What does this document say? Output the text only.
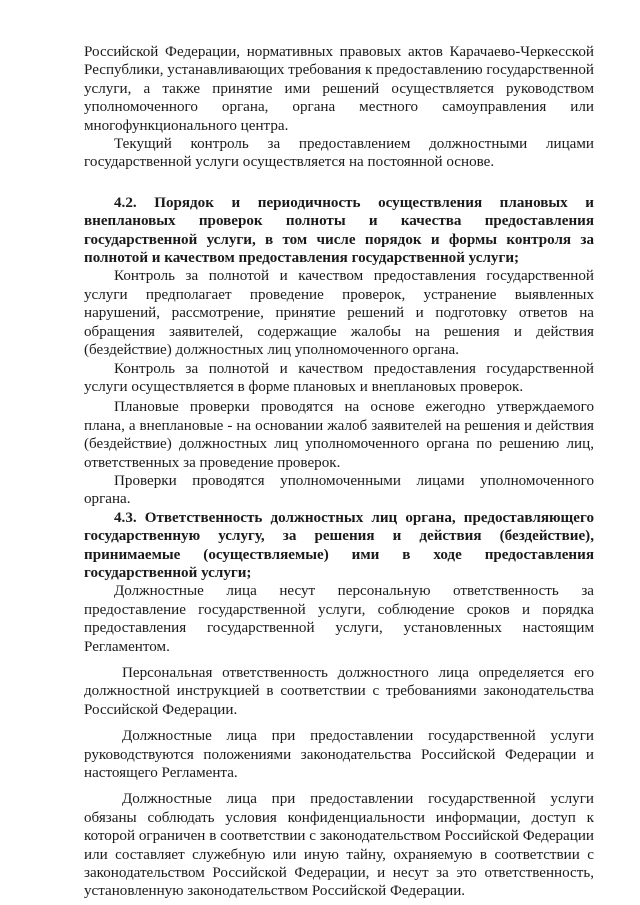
Российской Федерации, нормативных правовых актов Карачаево-Черкесской Республики, устанавливающих требования к предоставлению государственной услуги, а также принятие ими решений осуществляется руководством уполномоченного органа, органа местного самоуправления или многофункционального центра.

Текущий контроль за предоставлением должностными лицами государственной услуги осуществляется на постоянной основе.

4.2. Порядок и периодичность осуществления плановых и внеплановых проверок полноты и качества предоставления государственной услуги, в том числе порядок и формы контроля за полнотой и качеством предоставления государственной услуги;

Контроль за полнотой и качеством предоставления государственной услуги предполагает проведение проверок, устранение выявленных нарушений, рассмотрение, принятие решений и подготовку ответов на обращения заявителей, содержащие жалобы на решения и действия (бездействие) должностных лиц уполномоченного органа.

Контроль за полнотой и качеством предоставления государственной услуги осуществляется в форме плановых и внеплановых проверок.

Плановые проверки проводятся на основе ежегодно утверждаемого плана, а внеплановые - на основании жалоб заявителей на решения и действия (бездействие) должностных лиц уполномоченного органа по решению лиц, ответственных за проведение проверок.

Проверки проводятся уполномоченными лицами уполномоченного органа.

4.3. Ответственность должностных лиц органа, предоставляющего государственную услугу, за решения и действия (бездействие), принимаемые (осуществляемые) ими в ходе предоставления государственной услуги;

Должностные лица несут персональную ответственность за предоставление государственной услуги, соблюдение сроков и порядка предоставления государственной услуги, установленных настоящим Регламентом.

Персональная ответственность должностного лица определяется его должностной инструкцией в соответствии с требованиями законодательства Российской Федерации.

Должностные лица при предоставлении государственной услуги руководствуются положениями законодательства Российской Федерации и настоящего Регламента.

Должностные лица при предоставлении государственной услуги обязаны соблюдать условия конфиденциальности информации, доступ к которой ограничен в соответствии с законодательством Российской Федерации или составляет служебную или иную тайну, охраняемую в соответствии с законодательством Российской Федерации, и несут за это ответственность, установленную законодательством Российской Федерации.
